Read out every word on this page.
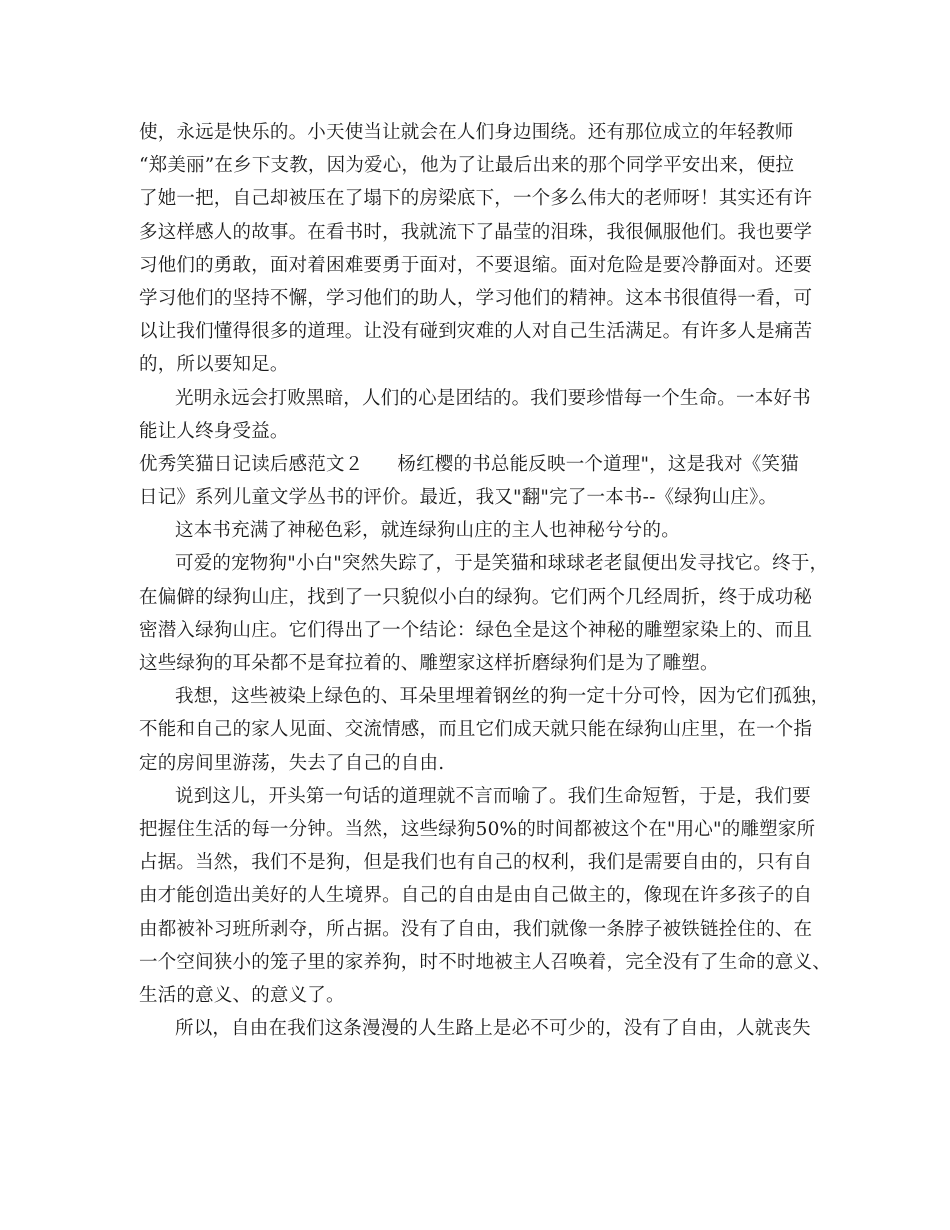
使，永远是快乐的。小天使当让就会在人们身边围绕。还有那位成立的年轻教师
“郑美丽”在乡下支教，因为爱心，他为了让最后出来的那个同学平安出来，便拉
了她一把，自己却被压在了塌下的房梁底下，一个多么伟大的老师呀！其实还有许
多这样感人的故事。在看书时，我就流下了晶莹的泪珠，我很佩服他们。我也要学
习他们的勇敢，面对着困难要勇于面对，不要退缩。面对危险是要冷静面对。还要
学习他们的坚持不懈，学习他们的助人，学习他们的精神。这本书很值得一看，可
以让我们懂得很多的道理。让没有碰到灾难的人对自己生活满足。有许多人是痛苦
的，所以要知足。
光明永远会打败黑暗，人们的心是团结的。我们要珍惜每一个生命。一本好书
能让人终身受益。
优秀笑猫日记读后感范文２ 杨红樱的书总能反映一个道理"，这是我对《笑猫
日记》系列儿童文学丛书的评价。最近，我又"翻"完了一本书--《绿狗山庄》。
这本书充满了神秘色彩，就连绿狗山庄的主人也神秘兮兮的。
可爱的宠物狗"小白"突然失踪了，于是笑猫和球球老老鼠便出发寻找它。终于，
在偏僻的绿狗山庄，找到了一只貌似小白的绿狗。它们两个几经周折，终于成功秘
密潜入绿狗山庄。它们得出了一个结论：绿色全是这个神秘的雕塑家染上的、而且
这些绿狗的耳朵都不是耷拉着的、雕塑家这样折磨绿狗们是为了雕塑。
我想，这些被染上绿色的、耳朵里埋着钢丝的狗一定十分可怜，因为它们孤独，
不能和自己的家人见面、交流情感，而且它们成天就只能在绿狗山庄里，在一个指
定的房间里游荡，失去了自己的自由.
说到这儿，开头第一句话的道理就不言而喻了。我们生命短暂，于是，我们要
把握住生活的每一分钟。当然，这些绿狗50%的时间都被这个在"用心"的雕塑家所
占据。当然，我们不是狗，但是我们也有自己的权利，我们是需要自由的，只有自
由才能创造出美好的人生境界。自己的自由是由自己做主的，像现在许多孩子的自
由都被补习班所剥夺，所占据。没有了自由，我们就像一条脖子被铁链拴住的、在
一个空间狭小的笼子里的家养狗，时不时地被主人召唤着，完全没有了生命的意义、
生活的意义、的意义了。
所以，自由在我们这条漫漫的人生路上是必不可少的，没有了自由，人就丧失
